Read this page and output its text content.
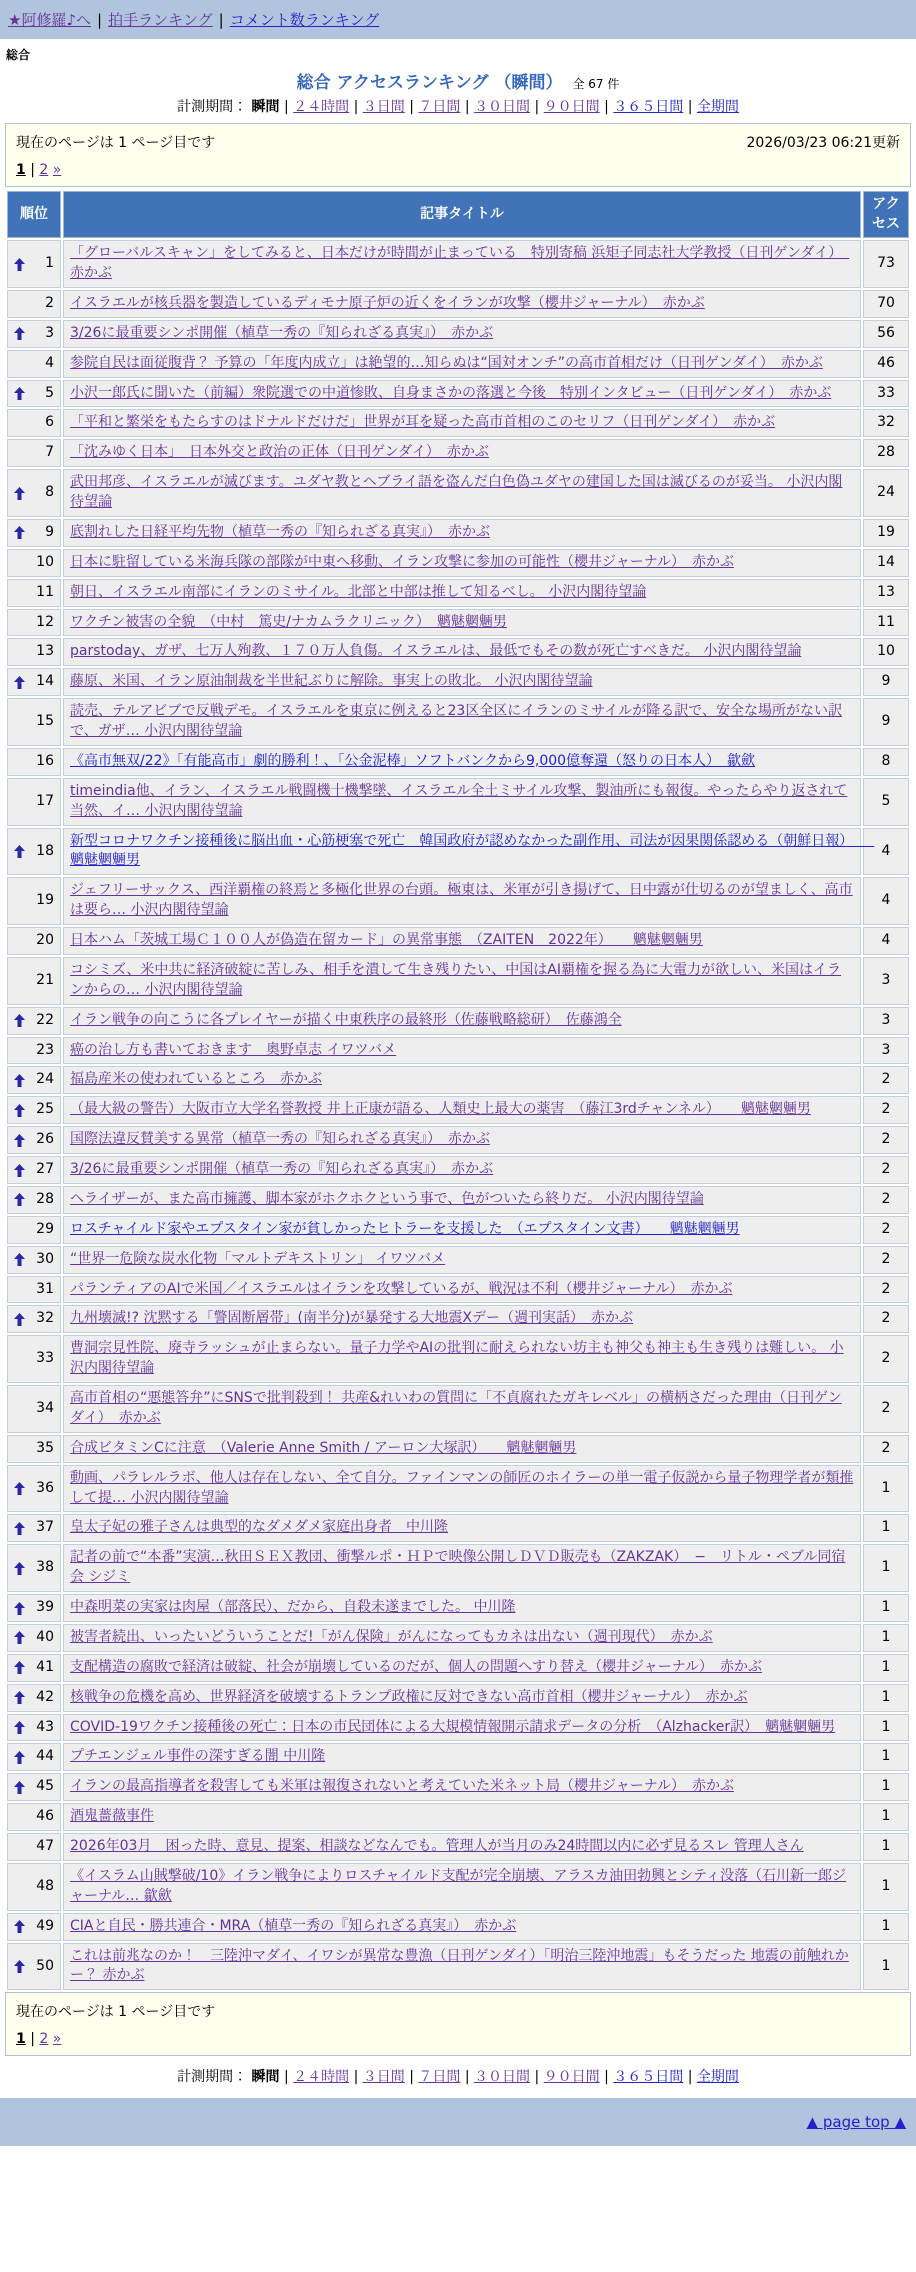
★阿修羅♪へ | 拍手ランキング | コメント数ランキング
総合
総合 アクセスランキング （瞬間） 全 67 件
計測期間： 瞬間 | ２４時間 | ３日間 | ７日間 | ３０日間 | ９０日間 | ３６５日間 | 全期間
2026/03/23 06:21更新
現在のページは 1 ページ目です
1 | 2 »
順位	記事タイトル	アクセス

1	「グローバルスキャン」をしてみると、日本だけが時間が止まっている　特別寄稿 浜矩子同志社大学教授（日刊ゲンダイ）　赤かぶ	73

2	イスラエルが核兵器を製造しているディモナ原子炉の近くをイランが攻撃（櫻井ジャーナル）　赤かぶ	70

3	3/26に最重要シンポ開催（植草一秀の『知られざる真実』）　赤かぶ	56

4	参院自民は面従腹背？ 予算の「年度内成立」は絶望的…知らぬは“国対オンチ”の高市首相だけ（日刊ゲンダイ）　赤かぶ	46

5	小沢一郎氏に聞いた（前編）衆院選での中道惨敗、自身まさかの落選と今後　特別インタビュー（日刊ゲンダイ）　赤かぶ	33

6	「平和と繁栄をもたらすのはドナルドだけだ」世界が耳を疑った高市首相のこのセリフ（日刊ゲンダイ）　赤かぶ	32

7	「沈みゆく日本」　日本外交と政治の正体（日刊ゲンダイ）　赤かぶ	28

8	武田邦彦、イスラエルが滅びます。ユダヤ教とヘブライ語を盗んだ白色偽ユダヤの建国した国は滅びるのが妥当。 小沢内閣待望論	24

9	底割れした日経平均先物（植草一秀の『知られざる真実』）　赤かぶ	19

10	日本に駐留している米海兵隊の部隊が中東へ移動、イラン攻撃に参加の可能性（櫻井ジャーナル）　赤かぶ	14

11	朝日、イスラエル南部にイランのミサイル。北部と中部は推して知るべし。 小沢内閣待望論	13

12	ワクチン被害の全貌　（中村　篤史/ナカムラクリニック）　魑魅魍魎男	11

13	parstoday、ガザ、七万人殉教、１７０万人負傷。イスラエルは、最低でもその数が死亡すべきだ。 小沢内閣待望論	10

14	藤原、米国、イラン原油制裁を半世紀ぶりに解除。事実上の敗北。 小沢内閣待望論	9

15	読売、テルアビブで反戦デモ。イスラエルを東京に例えると23区全区にイランのミサイルが降る訳で、安全な場所がない訳で、ガザ… 小沢内閣待望論	9

16	《高市無双/22》「有能高市」劇的勝利！、「公金泥棒」ソフトバンクから9,000億奪還（怒りの日本人）　歙歛	8

17	timeindia他、イラン、イスラエル戦闘機十機撃墜、イスラエル全土ミサイル攻撃、製油所にも報復。やったらやり返されて当然、イ… 小沢内閣待望論	5

18	新型コロナワクチン接種後に脳出血・心筋梗塞で死亡　韓国政府が認めなかった副作用、司法が因果関係認める（朝鮮日報）　　魑魅魍魎男	4

19	ジェフリーサックス、西洋覇権の終焉と多極化世界の台頭。極東は、米軍が引き揚げて、日中露が仕切るのが望ましく、高市は要ら… 小沢内閣待望論	4

20	日本ハム「茨城工場Ｃ１００人が偽造在留カード」の異常事態　（ZAITEN　2022年）　　魑魅魍魎男	4

21	コシミズ、米中共に経済破綻に苦しみ、相手を潰して生き残りたい、中国はAI覇権を握る為に大電力が欲しい、米国はイランからの… 小沢内閣待望論	3

22	イラン戦争の向こうに各プレイヤーが描く中東秩序の最終形（佐藤戦略総研）　佐藤鴻全	3

23	癌の治し方も書いておきます　奥野卓志 イワツバメ	3

24	福島産米の使われているところ　赤かぶ	2

25	（最大級の警告）大阪市立大学名誉教授 井上正康が語る、人類史上最大の薬害　（藤江3rdチャンネル）　　魑魅魍魎男	2

26	国際法違反賛美する異常（植草一秀の『知られざる真実』）　赤かぶ	2

27	3/26に最重要シンポ開催（植草一秀の『知られざる真実』）　赤かぶ	2

28	ヘライザーが、また高市擁護、脚本家がホクホクという事で、色がついたら終りだ。 小沢内閣待望論	2

29	ロスチャイルド家やエプスタイン家が貧しかったヒトラーを支援した　（エプスタイン文書）　　魑魅魍魎男	2

30	“世界一危険な炭水化物「マルトデキストリン」 イワツバメ	2

31	パランティアのAIで米国／イスラエルはイランを攻撃しているが、戦況は不利（櫻井ジャーナル）　赤かぶ	2

32	九州壊滅!? 沈黙する「警固断層帯」(南半分)が暴発する大地震Xデー（週刊実話）　赤かぶ	2

33	曹洞宗見性院、廃寺ラッシュが止まらない。量子力学やAIの批判に耐えられない坊主も神父も神主も生き残りは難しい。 小沢内閣待望論	2

34	高市首相の“悪態答弁”にSNSで批判殺到！ 共産&れいわの質問に「不貞腐れたガキレベル」の横柄さだった理由（日刊ゲンダイ）　赤かぶ	2

35	合成ビタミンCに注意　（Valerie Anne Smith / アーロン大塚訳）　　魑魅魍魎男	2

36	動画、パラレルラボ、他人は存在しない、全て自分。ファインマンの師匠のホイラーの単一電子仮説から量子物理学者が類推して提… 小沢内閣待望論	1

37	皇太子妃の雅子さんは典型的なダメダメ家庭出身者　中川隆	1

38	記者の前で“本番”実演…秋田ＳＥＸ教団、衝撃ルポ・ＨＰで映像公開しＤＶＤ販売も（ZAKZAK）　−　リトル・ペブル同宿会 シジミ	1

39	中森明菜の実家は肉屋（部落民）、だから、自殺未遂までした。 中川隆	1

40	被害者続出、いったいどういうことだ!「がん保険」がんになってもカネは出ない（週刊現代）　赤かぶ	1

41	支配構造の腐敗で経済は破綻、社会が崩壊しているのだが、個人の問題へすり替え（櫻井ジャーナル）　赤かぶ	1

42	核戦争の危機を高め、世界経済を破壊するトランプ政権に反対できない高市首相（櫻井ジャーナル）　赤かぶ	1

43	COVID-19ワクチン接種後の死亡：日本の市民団体による大規模情報開示請求データの分析　（Alzhacker訳）　魑魅魍魎男	1

44	プチエンジェル事件の深すぎる闇 中川隆	1

45	イランの最高指導者を殺害しても米軍は報復されないと考えていた米ネット局（櫻井ジャーナル）　赤かぶ	1

46	酒鬼薔薇事件	1

47	2026年03月　困った時、意見、提案、相談などなんでも。管理人が当月のみ24時間以内に必ず見るスレ 管理人さん	1

48	《イスラム山賊撃破/10》イラン戦争によりロスチャイルド支配が完全崩壊、アラスカ油田勃興とシティ没落（石川新一郎ジャーナル… 歙歛	1

49	CIAと自民・勝共連合・MRA（植草一秀の『知られざる真実』）　赤かぶ	1

50	これは前兆なのか！　三陸沖マダイ、イワシが異常な豊漁（日刊ゲンダイ）「明治三陸沖地震」もそうだった 地震の前触れかー？ 赤かぶ	1
現在のページは 1 ページ目です
1 | 2 »
計測期間： 瞬間 | ２４時間 | ３日間 | ７日間 | ３０日間 | ９０日間 | ３６５日間 | 全期間
▲ page top ▲
